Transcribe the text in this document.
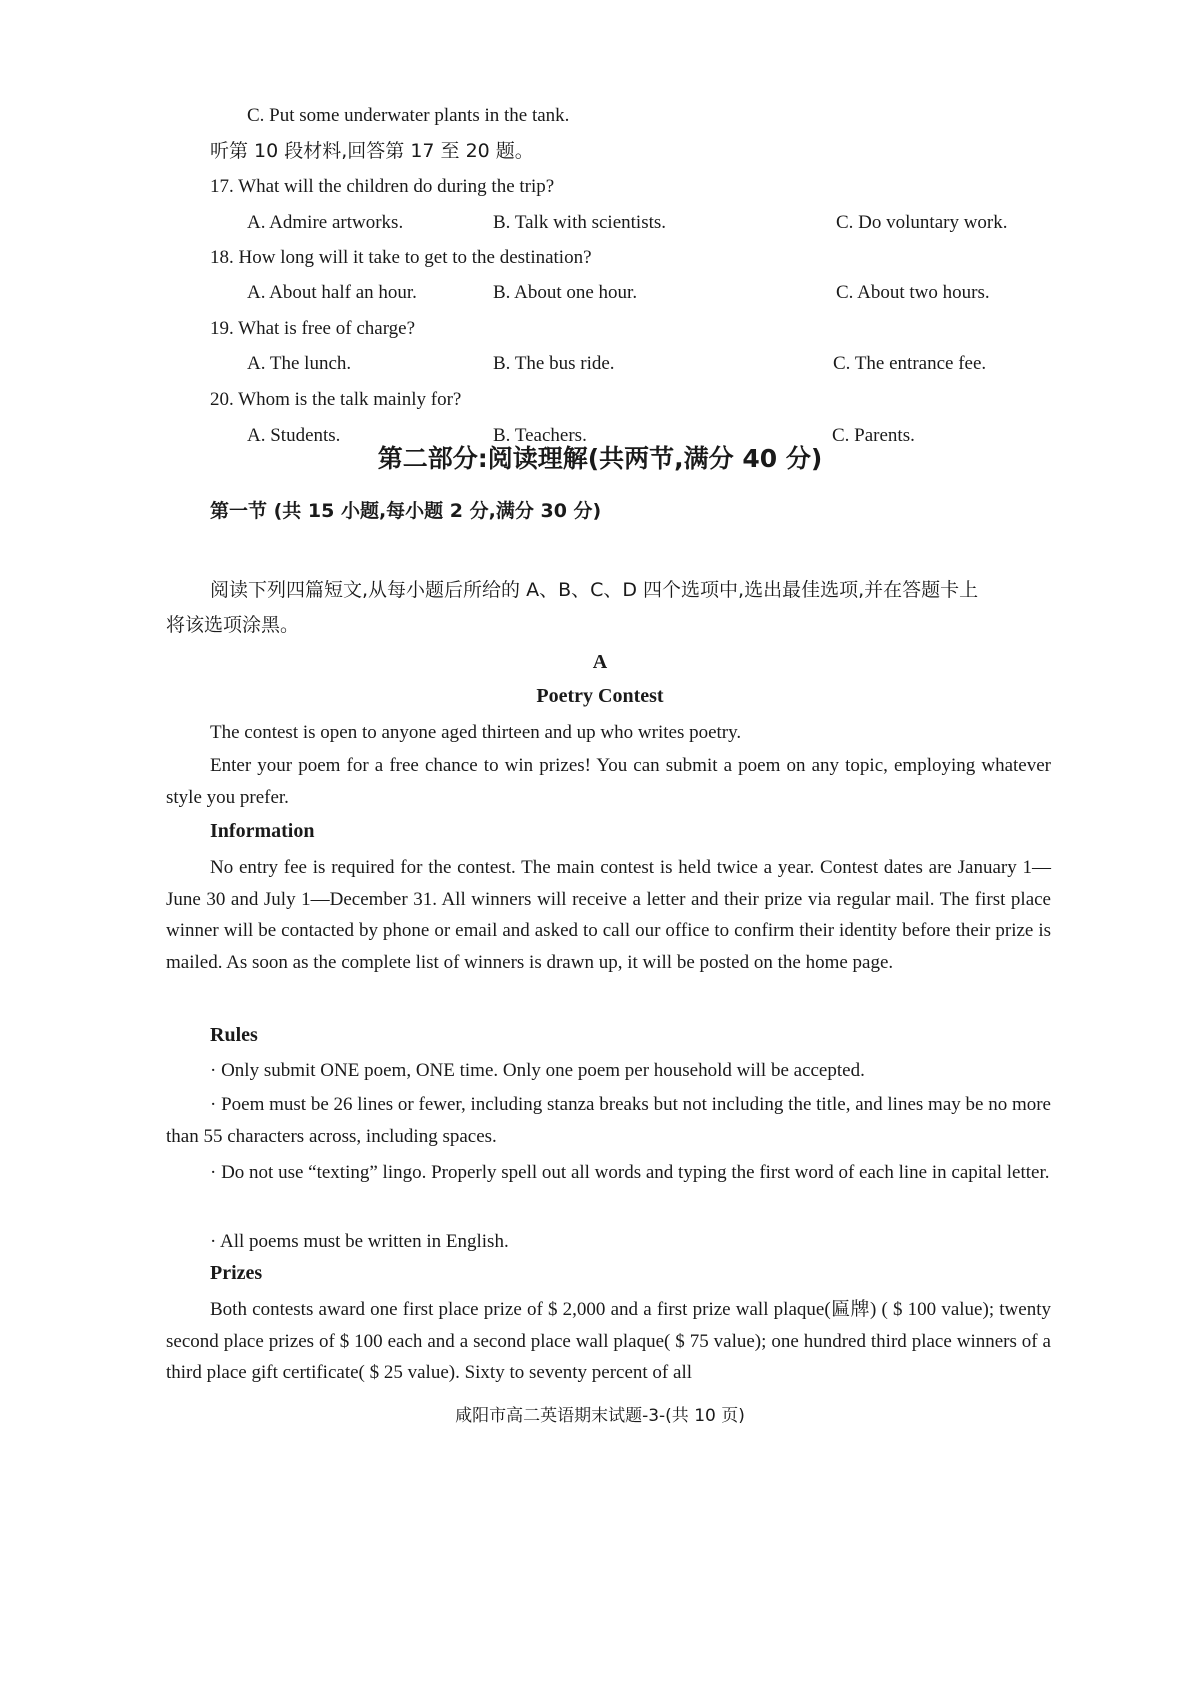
C. Put some underwater plants in the tank.
听第 10 段材料,回答第 17 至 20 题。
17. What will the children do during the trip?
A. Admire artworks.	B. Talk with scientists.	C. Do voluntary work.
18. How long will it take to get to the destination?
A. About half an hour.	B. About one hour.	C. About two hours.
19. What is free of charge?
A. The lunch.	B. The bus ride.	C. The entrance fee.
20. Whom is the talk mainly for?
A. Students.	B. Teachers.	C. Parents.
第二部分:阅读理解(共两节,满分 40 分)
第一节 (共 15 小题,每小题 2 分,满分 30 分)
阅读下列四篇短文,从每小题后所给的 A、B、C、D 四个选项中,选出最佳选项,并在答题卡上
将该选项涂黑。
A
Poetry Contest
The contest is open to anyone aged thirteen and up who writes poetry.
Enter your poem for a free chance to win prizes! You can submit a poem on any topic, employing whatever style you prefer.
Information
No entry fee is required for the contest. The main contest is held twice a year. Contest dates are January 1—June 30 and July 1—December 31. All winners will receive a letter and their prize via regular mail. The first place winner will be contacted by phone or email and asked to call our office to confirm their identity before their prize is mailed. As soon as the complete list of winners is drawn up, it will be posted on the home page.
Rules
· Only submit ONE poem, ONE time. Only one poem per household will be accepted.
· Poem must be 26 lines or fewer, including stanza breaks but not including the title, and lines may be no more than 55 characters across, including spaces.
· Do not use “texting” lingo. Properly spell out all words and typing the first word of each line in capital letter.
· All poems must be written in English.
Prizes
Both contests award one first place prize of $ 2,000 and a first prize wall plaque(匾牌) ( $ 100 value); twenty second place prizes of $ 100 each and a second place wall plaque( $ 75 value); one hundred third place winners of a third place gift certificate( $ 25 value). Sixty to seventy percent of all
咸阳市高二英语期末试题-3-(共 10 页)
